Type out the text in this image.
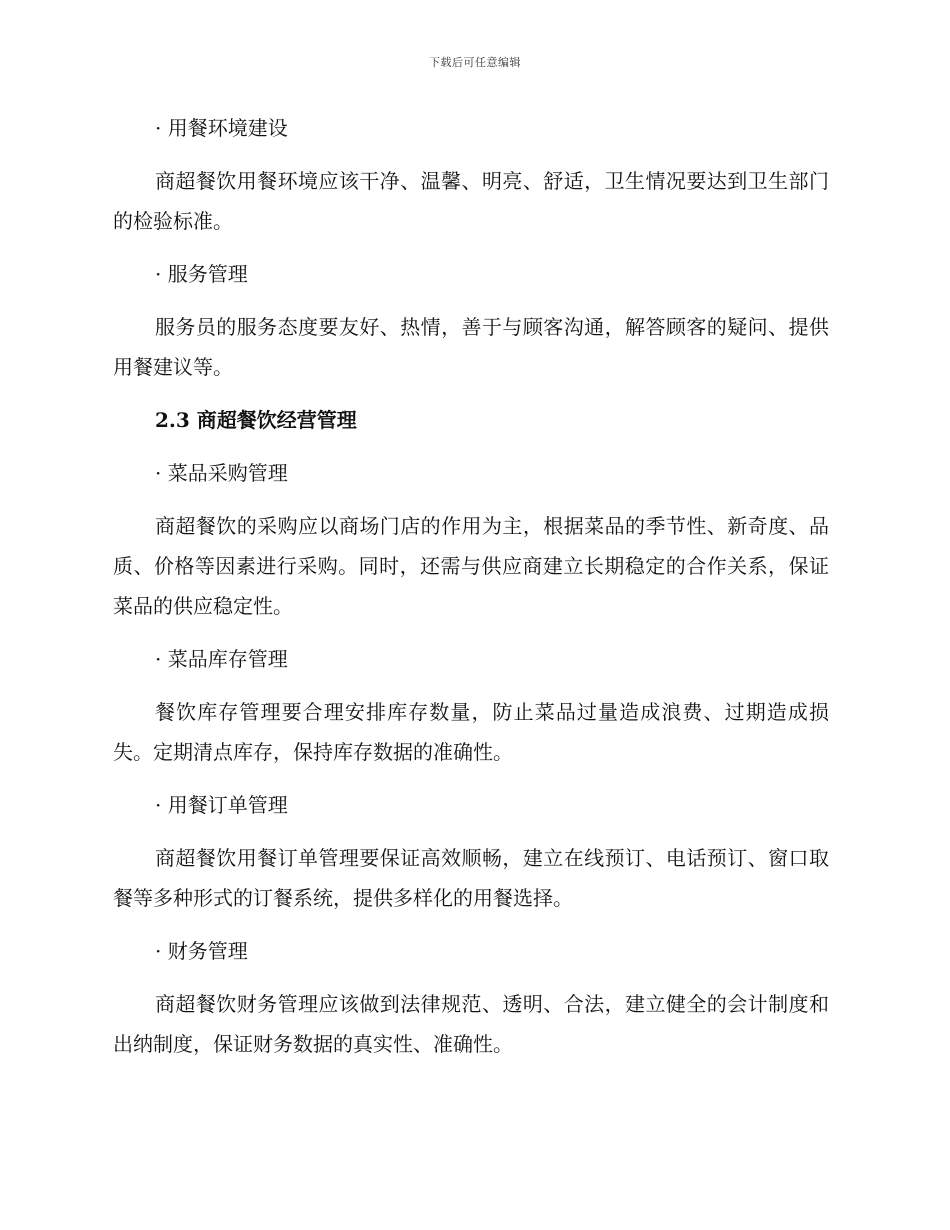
下载后可任意编辑
· 用餐环境建设
商超餐饮用餐环境应该干净、温馨、明亮、舒适，卫生情况要达到卫生部门的检验标准。
· 服务管理
服务员的服务态度要友好、热情，善于与顾客沟通，解答顾客的疑问、提供用餐建议等。
2.3 商超餐饮经营管理
· 菜品采购管理
商超餐饮的采购应以商场门店的作用为主，根据菜品的季节性、新奇度、品质、价格等因素进行采购。同时，还需与供应商建立长期稳定的合作关系，保证菜品的供应稳定性。
· 菜品库存管理
餐饮库存管理要合理安排库存数量，防止菜品过量造成浪费、过期造成损失。定期清点库存，保持库存数据的准确性。
· 用餐订单管理
商超餐饮用餐订单管理要保证高效顺畅，建立在线预订、电话预订、窗口取餐等多种形式的订餐系统，提供多样化的用餐选择。
· 财务管理
商超餐饮财务管理应该做到法律规范、透明、合法，建立健全的会计制度和出纳制度，保证财务数据的真实性、准确性。
